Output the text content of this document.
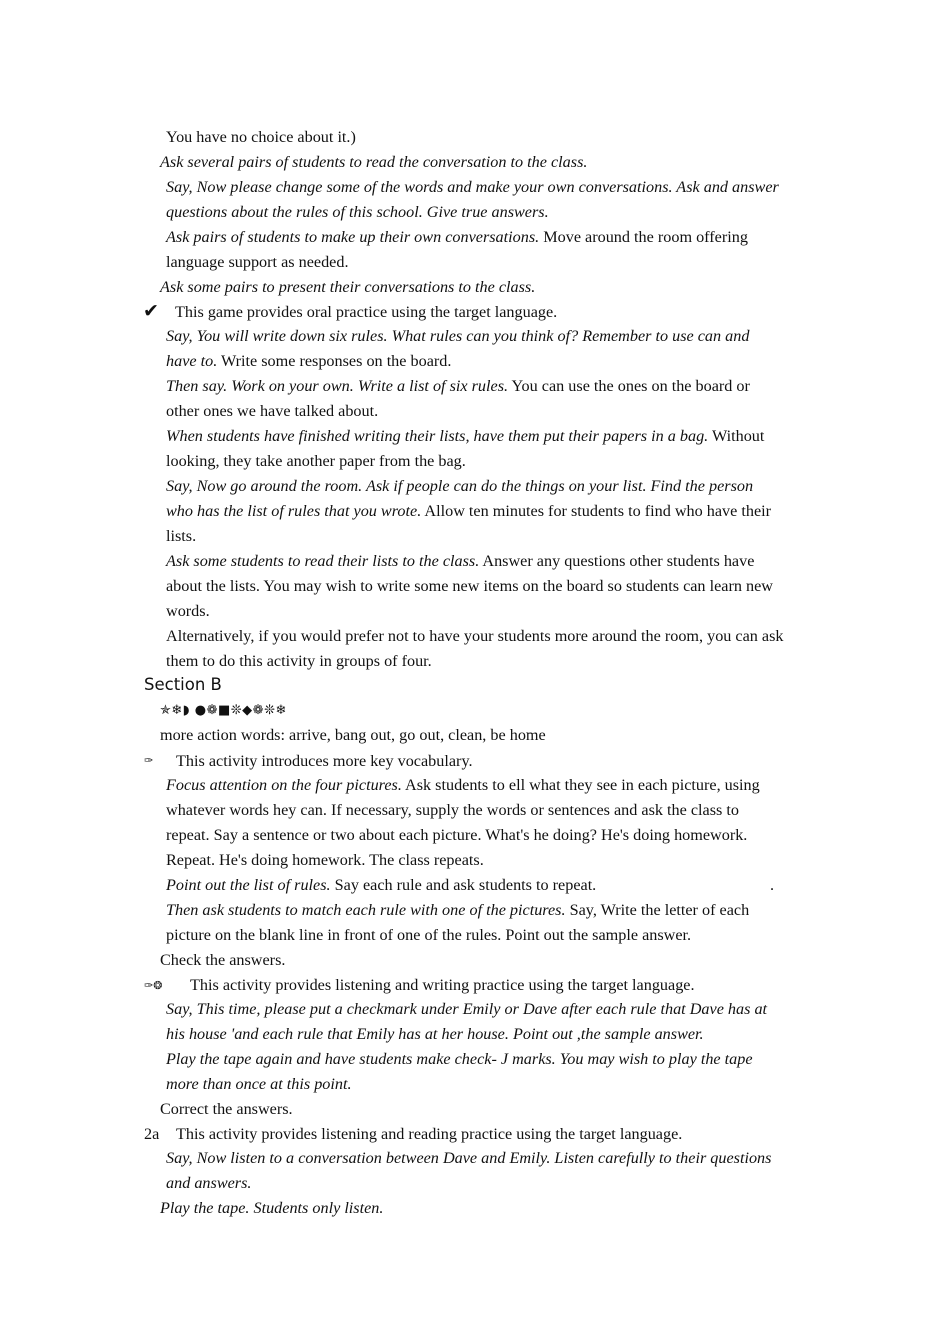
You have no choice about it.)
Ask several pairs of students to read the conversation to the class.
Say, Now please change some of the words and make your own conversations. Ask and answer
questions about the rules of this school. Give true answers.
Ask pairs of students to make up their own conversations. Move around the room offering
language support as needed.
Ask some pairs to present their conversations to the class.
✔ This game provides oral practice using the target language.
Say, You will write down six rules. What rules can you think of? Remember to use can and
have to. Write some responses on the board.
Then say. Work on your own. Write a list of six rules. You can use the ones on the board or
other ones we have talked about.
When students have finished writing their lists, have them put their papers in a bag. Without
looking, they take another paper from the bag.
Say, Now go around the room. Ask if people can do the things on your list. Find the person
who has the list of rules that you wrote. Allow ten minutes for students to find who have their
lists.
Ask some students to read their lists to the class. Answer any questions other students have
about the lists. You may wish to write some new items on the board so students can learn new
words.
Alternatively, if you would prefer not to have your students more around the room, you can ask
them to do this activity in groups of four.
Section B
✯❄◗ ●❁■❊◆❁❊❄
more action words: arrive, bang out, go out, clean, be home
✑ This activity introduces more key vocabulary.
Focus attention on the four pictures. Ask students to ell what they see in each picture, using
whatever words hey can. If necessary, supply the words or sentences and ask the class to
repeat. Say a sentence or two about each picture. What's he doing? He's doing homework.
Repeat. He's doing homework. The class repeats.
Point out the list of rules. Say each rule and ask students to repeat.	.
Then ask students to match each rule with one of the pictures. Say, Write the letter of each
picture on the blank line in front of one of the rules. Point out the sample answer.
Check the answers.
✑❂ This activity provides listening and writing practice using the target language.
Say, This time, please put a checkmark under Emily or Dave after each rule that Dave has at
his house 'and each rule that Emily has at her house. Point out ,the sample answer.
Play the tape again and have students make check- J marks. You may wish to play the tape
more than once at this point.
Correct the answers.
2a This activity provides listening and reading practice using the target language.
Say, Now listen to a conversation between Dave and Emily. Listen carefully to their questions
and answers.
Play the tape. Students only listen.
